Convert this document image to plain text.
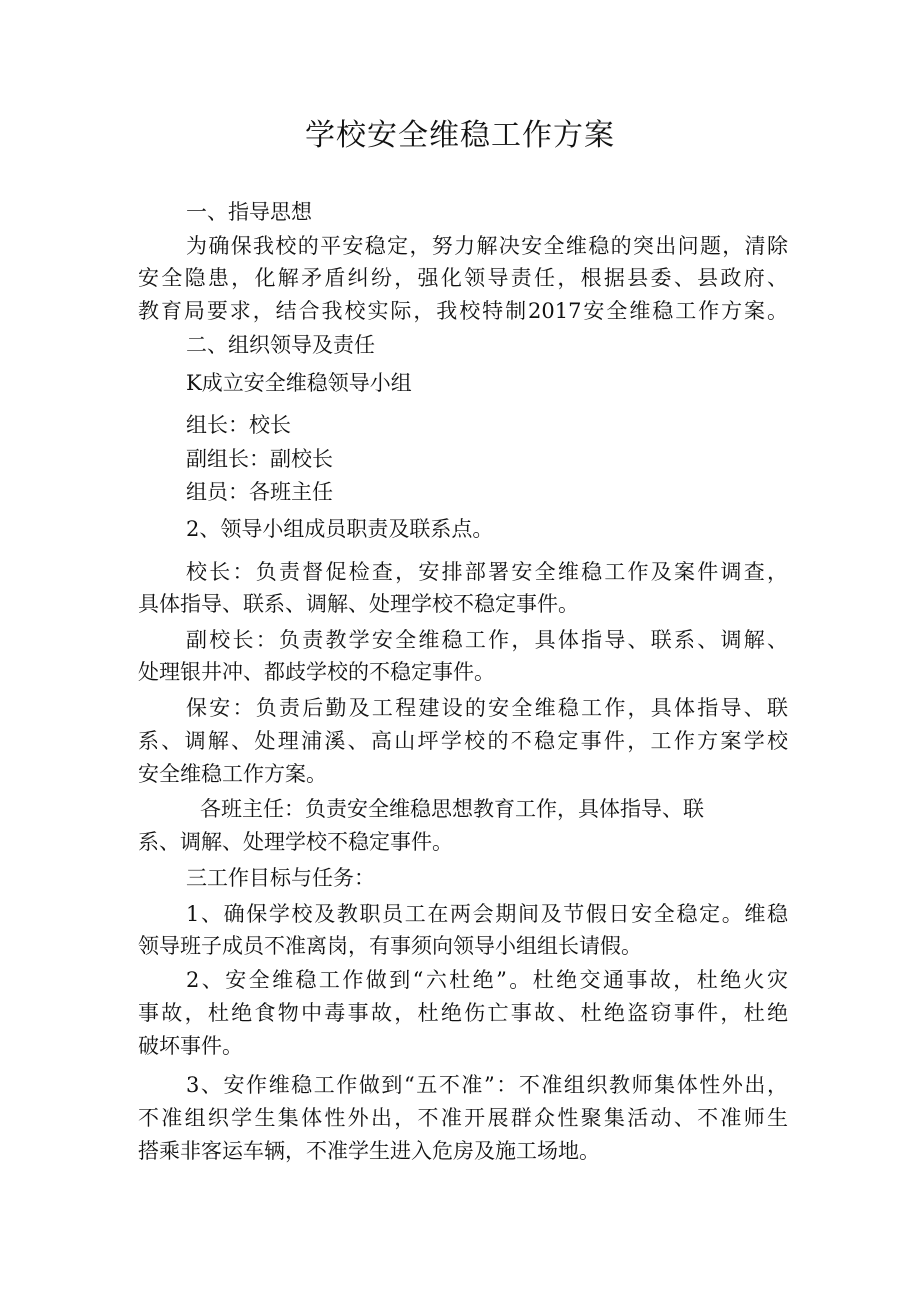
学校安全维稳工作方案
一、指导思想
为确保我校的平安稳定，努力解决安全维稳的突出问题，清除
安全隐患，化解矛盾纠纷，强化领导责任，根据县委、县政府、
教育局要求，结合我校实际，我校特制2017安全维稳工作方案。
二、组织领导及责任
K成立安全维稳领导小组
组长：校长
副组长：副校长
组员：各班主任
2、领导小组成员职责及联系点。
校长：负责督促检查，安排部署安全维稳工作及案件调查，
具体指导、联系、调解、处理学校不稳定事件。
副校长：负责教学安全维稳工作，具体指导、联系、调解、
处理银井冲、都歧学校的不稳定事件。
保安：负责后勤及工程建设的安全维稳工作，具体指导、联
系、调解、处理浦溪、高山坪学校的不稳定事件，工作方案学校
安全维稳工作方案。
各班主任：负责安全维稳思想教育工作，具体指导、联
系、调解、处理学校不稳定事件。
三工作目标与任务：
1、确保学校及教职员工在两会期间及节假日安全稳定。维稳
领导班子成员不准离岗，有事须向领导小组组长请假。
2、安全维稳工作做到“六杜绝”。杜绝交通事故，杜绝火灾
事故，杜绝食物中毒事故，杜绝伤亡事故、杜绝盗窃事件，杜绝
破坏事件。
3、安作维稳工作做到“五不准”：不准组织教师集体性外出，
不准组织学生集体性外出，不准开展群众性聚集活动、不准师生
搭乘非客运车辆，不准学生进入危房及施工场地。
